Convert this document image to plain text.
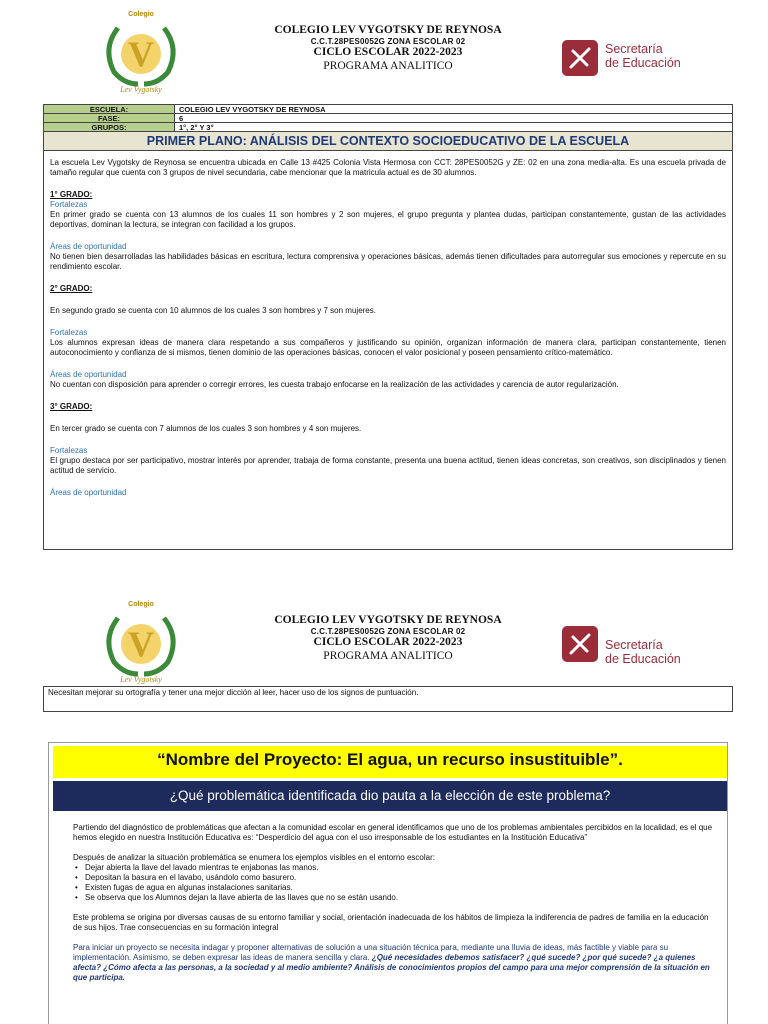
V
Colegio
Lev Vygotsky
COLEGIO LEV VYGOTSKY DE REYNOSA
C.C.T.28PES0052G ZONA ESCOLAR 02
CICLO ESCOLAR 2022-2023
PROGRAMA ANALITICO
Secretaría
de Educación
ESCUELA:	COLEGIO LEV VYGOTSKY DE REYNOSA
FASE:	6
GRUPOS:	1°, 2° Y 3°
PRIMER PLANO: ANÁLISIS DEL CONTEXTO SOCIOEDUCATIVO DE LA ESCUELA

La escuela Lev Vygotsky de Reynosa se encuentra ubicada en Calle 13 #425 Colonia Vista Hermosa con CCT: 28PES0052G y ZE: 02 en una zona media-alta. Es una escuela privada de tamaño regular que cuenta con 3 grupos de nivel secundaria, cabe mencionar que la matricula actual es de 30 alumnos.

1° GRADO:

Fortalezas

En primer grado se cuenta con 13 alumnos de los cuales 11 son hombres y 2 son mujeres, el grupo pregunta y plantea dudas, participan constantemente, gustan de las actividades deportivas, dominan la lectura, se integran con facilidad a los grupos.

Áreas de oportunidad

No tienen bien desarrolladas las habilidades básicas en escritura, lectura comprensiva y operaciones básicas, además tienen dificultades para autorregular sus emociones y repercute en su rendimiento escolar.

2° GRADO:

En segundo grado se cuenta con 10 alumnos de los cuales 3 son hombres y 7 son mujeres.

Fortalezas

Los alumnos expresan ideas de manera clara respetando a sus compañeros y justificando su opinión, organizan información de manera clara, participan constantemente, tienen autoconocimiento y confianza de si mismos, tienen dominio de las operaciones básicas, conocen el valor posicional y poseen pensamiento crítico-matemático.

Áreas de oportunidad

No cuentan con disposición para aprender o corregir errores, les cuesta trabajo enfocarse en la realización de las actividades y carencia de autor regularización.

3° GRADO:

En tercer grado se cuenta con 7 alumnos de los cuales 3 son hombres y 4 son mujeres.

Fortalezas

El grupo destaca por ser participativo, mostrar interés por aprender, trabaja de forma constante, presenta una buena actitud, tienen ideas concretas, son creativos, son disciplinados y tienen actitud de servicio.

Áreas de oportunidad

V
Colegio
Lev Vygotsky
COLEGIO LEV VYGOTSKY DE REYNOSA
C.C.T.28PES0052G ZONA ESCOLAR 02
CICLO ESCOLAR 2022-2023
PROGRAMA ANALITICO
Secretaría
de Educación
Necesitan mejorar su ortografía y tener una mejor dicción al leer, hacer uso de los signos de puntuación.
“Nombre del Proyecto: El agua, un recurso insustituible”.
¿Qué problemática identificada dio pauta a la elección de este problema?

Partiendo del diagnóstico de problemáticas que afectan a la comunidad escolar en general identificamos que uno de los problemas ambientales percibidos en la localidad, es el que hemos elegido en nuestra Institución Educativa es: “Desperdicio del agua con el uso irresponsable de los estudiantes en la Institución Educativa”

Después de analizar la situación problemática se enumera los ejemplos visibles en el entorno escolar:

• Dejar abierta la llave del lavado mientras te enjabonas las manos.
• Depositan la basura en el lavabo, usándolo como basurero.
• Existen fugas de agua en algunas instalaciones sanitarias.
• Se observa que los Alumnos dejan la llave abierta de las llaves que no se están usando.

Este problema se origina por diversas causas de su entorno familiar y social, orientación inadecuada de los hábitos de limpieza la indiferencia de padres de familia en la educación de sus hijos. Trae consecuencias en su formación integral

Para iniciar un proyecto se necesita indagar y proponer alternativas de solución a una situación técnica para, mediante una lluvia de ideas, más factible y viable para su implementación. Asimismo, se deben expresar las ideas de manera sencilla y clara. ¿Qué necesidades debemos satisfacer? ¿qué sucede? ¿por qué sucede? ¿a quienes afecta? ¿Cómo afecta a las personas, a la sociedad y al medio ambiente? Análisis de conocimientos propios del campo para una mejor comprensión de la situación en que participa.
